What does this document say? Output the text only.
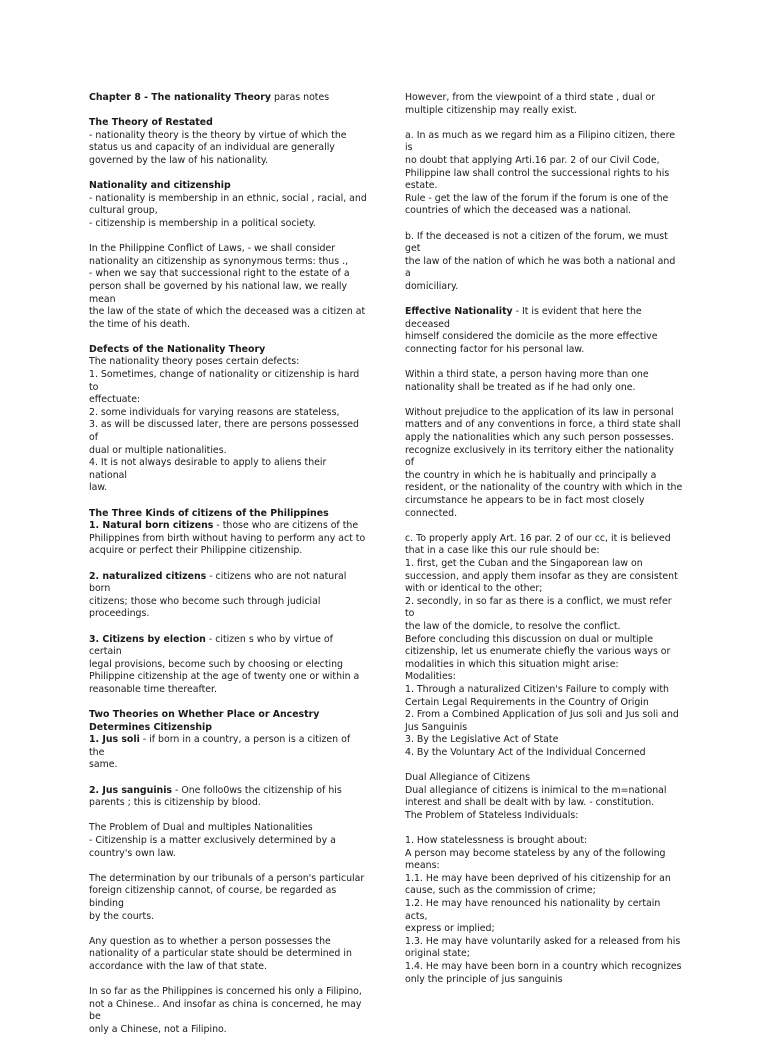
Chapter 8 - The nationality Theory paras notes

The Theory of Restated
- nationality theory is the theory by virtue of which the
status us and capacity of an individual are generally
governed by the law of his nationality.

Nationality and citizenship
- nationality is membership in an ethnic, social , racial, and
cultural group,
- citizenship is membership in a political society.

In the Philippine Conflict of Laws, - we shall consider
nationality an citizenship as synonymous terms: thus .,
- when we say that successional right to the estate of a
person shall be governed by his national law, we really mean
the law of the state of which the deceased was a citizen at
the time of his death.

Defects of the Nationality Theory
The nationality theory poses certain defects:
1. Sometimes, change of nationality or citizenship is hard to
effectuate:
2. some individuals for varying reasons are stateless,
3. as will be discussed later, there are persons possessed of
dual or multiple nationalities.
4. It is not always desirable to apply to aliens their national
law.

The Three Kinds of citizens of the Philippines
1. Natural born citizens - those who are citizens of the
Philippines from birth without having to perform any act to
acquire or perfect their Philippine citizenship.

2. naturalized citizens - citizens who are not natural born
citizens; those who become such through judicial
proceedings.

3. Citizens by election - citizen s who by virtue of certain
legal provisions, become such by choosing or electing
Philippine citizenship at the age of twenty one or within a
reasonable time thereafter.

Two Theories on Whether Place or Ancestry
Determines Citizenship
1. Jus soli - if born in a country, a person is a citizen of the
same.

2. Jus sanguinis - One follo0ws the citizenship of his
parents ; this is citizenship by blood.

The Problem of Dual and multiples Nationalities
- Citizenship is a matter exclusively determined by a
country's own law.

The determination by our tribunals of a person's particular
foreign citizenship cannot, of course, be regarded as binding
by the courts.

Any question as to whether a person possesses the
nationality of a particular state should be determined in
accordance with the law of that state.

In so far as the Philippines is concerned his only a Filipino,
not a Chinese.. And insofar as china is concerned, he may be
only a Chinese, not a Filipino.

However, from the viewpoint of a third state , dual or
multiple citizenship may really exist.

a. In as much as we regard him as a Filipino citizen, there is
no doubt that applying Arti.16 par. 2 of our Civil Code,
Philippine law shall control the successional rights to his
estate.
Rule - get the law of the forum if the forum is one of the
countries of which the deceased was a national.

b. If the deceased is not a citizen of the forum, we must get
the law of the nation of which he was both a national and a
domiciliary.

Effective Nationality - It is evident that here the deceased
himself considered the domicile as the more effective
connecting factor for his personal law.

Within a third state, a person having more than one
nationality shall be treated as if he had only one.

Without prejudice to the application of its law in personal
matters and of any conventions in force, a third state shall
apply the nationalities which any such person possesses.
recognize exclusively in its territory either the nationality of
the country in which he is habitually and principally a
resident, or the nationality of the country with which in the
circumstance he appears to be in fact most closely
connected.

c. To properly apply Art. 16 par. 2 of our cc, it is believed
that in a case like this our rule should be:
1. first, get the Cuban and the Singaporean law on
succession, and apply them insofar as they are consistent
with or identical to the other;
2. secondly, in so far as there is a conflict, we must refer to
the law of the domicle, to resolve the conflict.
Before concluding this discussion on dual or multiple
citizenship, let us enumerate chiefly the various ways or
modalities in which this situation might arise:
Modalities:
1. Through a naturalized Citizen's Failure to comply with
Certain Legal Requirements in the Country of Origin
2. From a Combined Application of Jus soli and Jus soli and
Jus Sanguinis
3. By the Legislative Act of State
4. By the Voluntary Act of the Individual Concerned

Dual Allegiance of Citizens
Dual allegiance of citizens is inimical to the m=national
interest and shall be dealt with by law. - constitution.
The Problem of Stateless Individuals:

1. How statelessness is brought about:
A person may become stateless by any of the following
means:
1.1. He may have been deprived of his citizenship for an
cause, such as the commission of crime;
1.2. He may have renounced his nationality by certain acts,
express or implied;
1.3. He may have voluntarily asked for a released from his
original state;
1.4. He may have been born in a country which recognizes
only the principle of jus sanguinis
